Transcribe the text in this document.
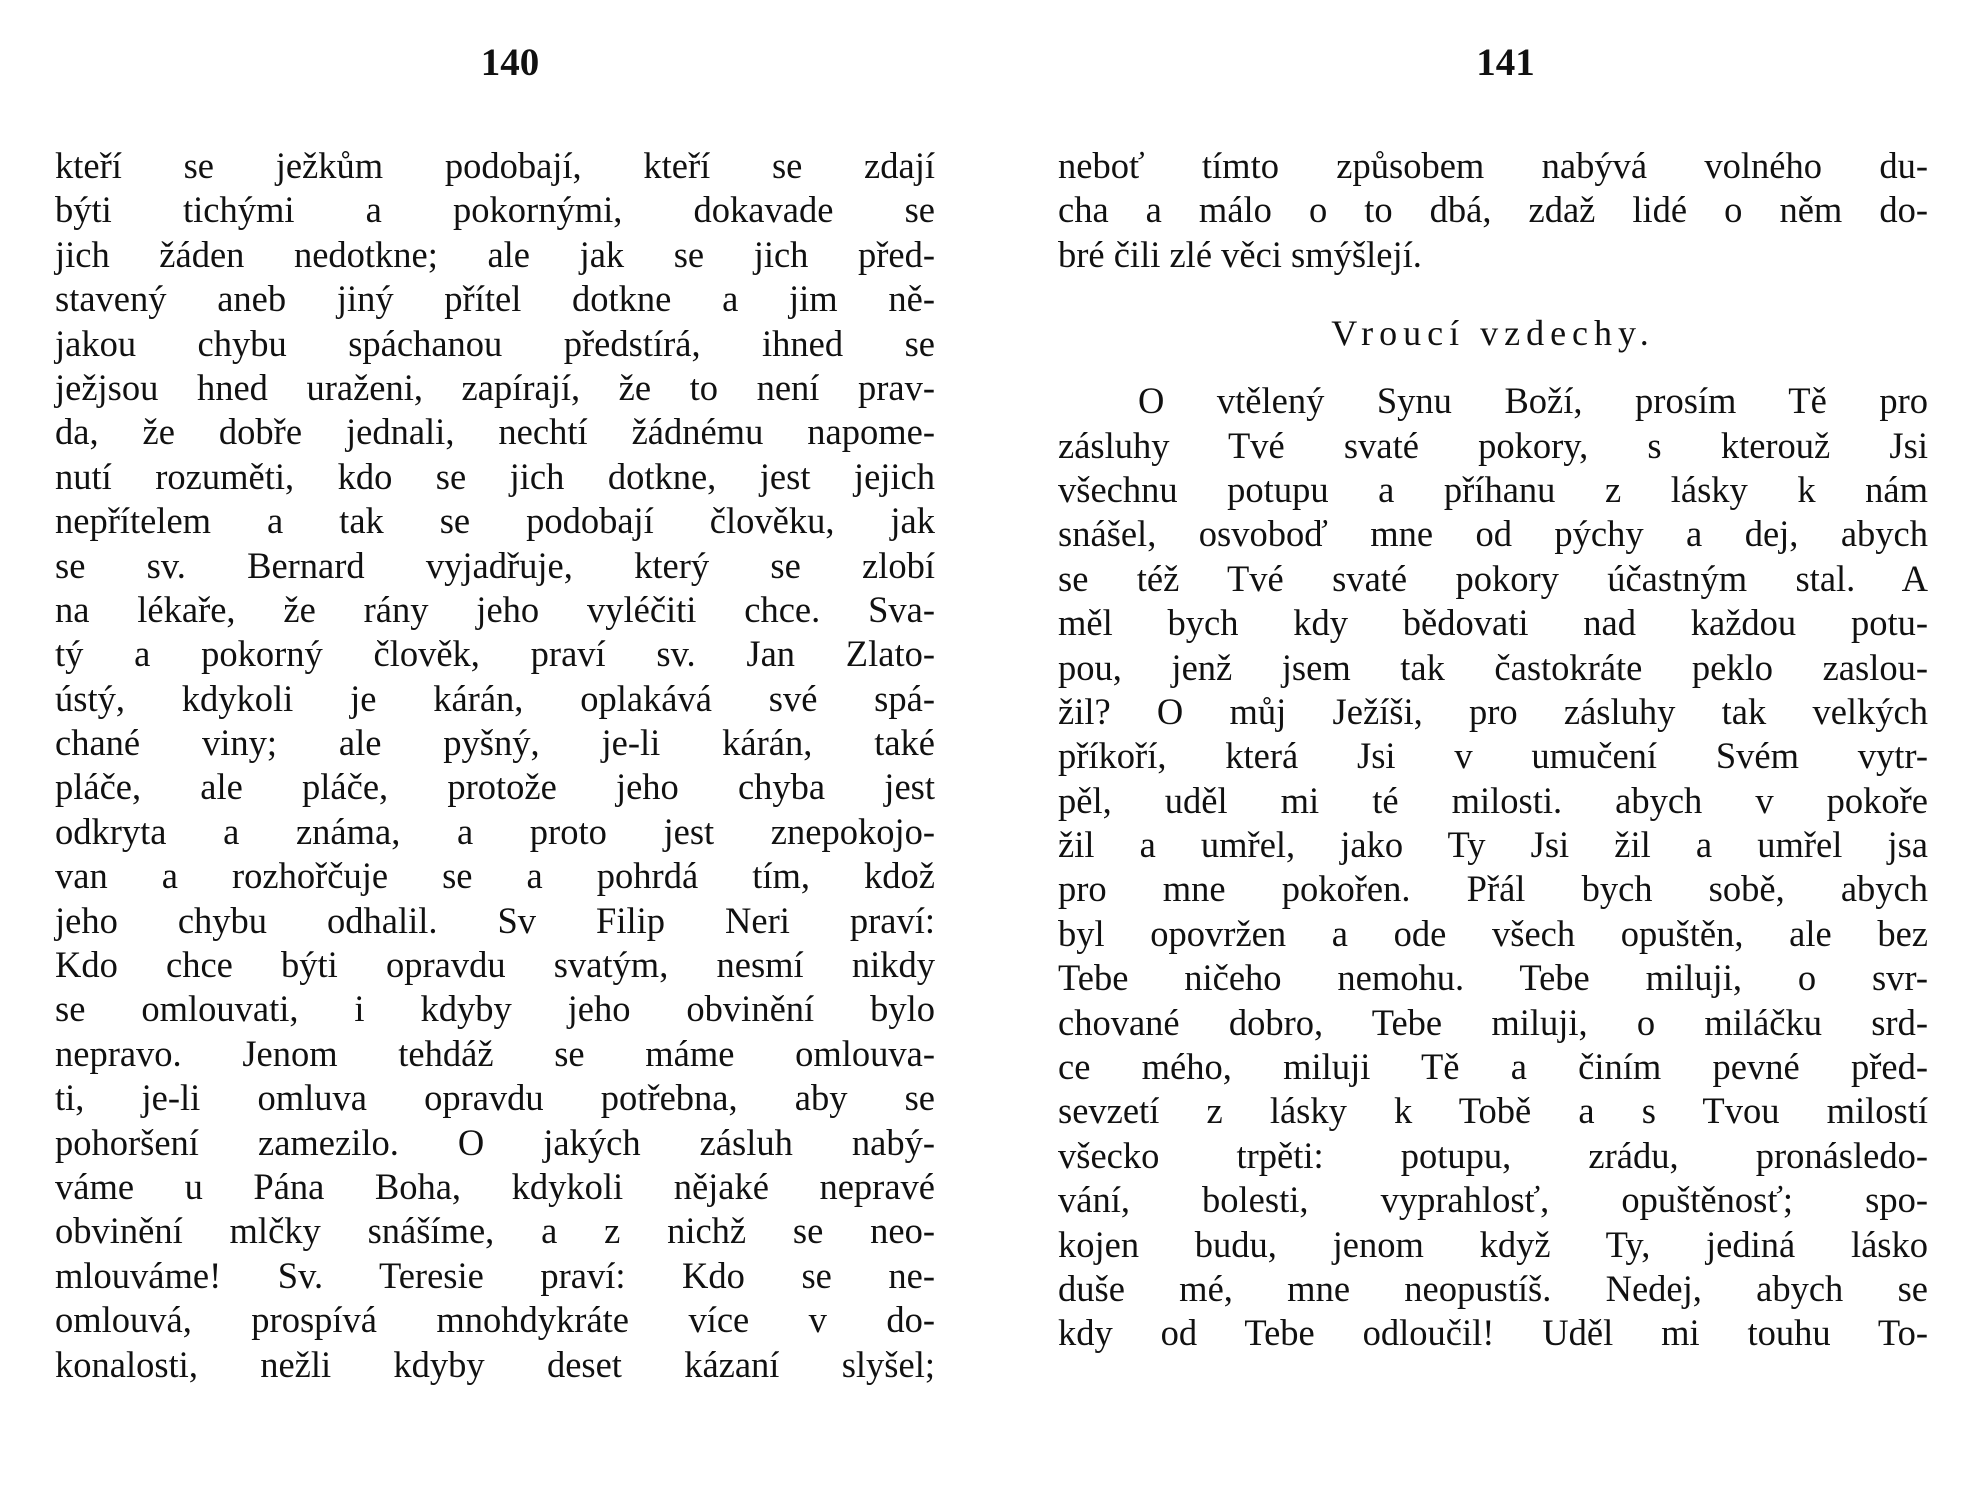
140
kteří se ježkům podobají, kteří se zdají
býti tichými a pokornými, dokavade se
jich žáden nedotkne; ale jak se jich před-
stavený aneb jiný přítel dotkne a jim ně-
jakou chybu spáchanou předstírá, ihned se
ježjsou hned uraženi, zapírají, že to není prav-
da, že dobře jednali, nechtí žádnému napome-
nutí rozuměti, kdo se jich dotkne, jest jejich
nepřítelem a tak se podobají člověku, jak
se sv. Bernard vyjadřuje, který se zlobí
na lékaře, že rány jeho vyléčiti chce. Sva-
tý a pokorný člověk, praví sv. Jan Zlato-
ústý, kdykoli je kárán, oplakává své spá-
chané viny; ale pyšný, je-li kárán, také
pláče, ale pláče, protože jeho chyba jest
odkryta a známa, a proto jest znepokojo-
van a rozhořčuje se a pohrdá tím, kdož
jeho chybu odhalil. Sv Filip Neri praví:
Kdo chce býti opravdu svatým, nesmí nikdy
se omlouvati, i kdyby jeho obvinění bylo
nepravo. Jenom tehdáž se máme omlouva-
ti, je-li omluva opravdu potřebna, aby se
pohoršení zamezilo. O jakých zásluh nabý-
váme u Pána Boha, kdykoli nějaké nepravé
obvinění mlčky snášíme, a z nichž se neo-
mlouváme! Sv. Teresie praví: Kdo se ne-
omlouvá, prospívá mnohdykráte více v do-
konalosti, nežli kdyby deset kázaní slyšel;
141
neboť tímto způsobem nabývá volného du-
cha a málo o to dbá, zdaž lidé o něm do-
bré čili zlé věci smýšlejí.
Vroucí vzdechy.
O vtělený Synu Boží, prosím Tě pro
zásluhy Tvé svaté pokory, s kterouž Jsi
všechnu potupu a příhanu z lásky k nám
snášel, osvoboď mne od pýchy a dej, abych
se též Tvé svaté pokory účastným stal. A
měl bych kdy bědovati nad každou potu-
pou, jenž jsem tak častokráte peklo zaslou-
žil? O můj Ježíši, pro zásluhy tak velkých
příkoří, která Jsi v umučení Svém vytr-
pěl, uděl mi té milosti. abych v pokoře
žil a umřel, jako Ty Jsi žil a umřel jsa
pro mne pokořen. Přál bych sobě, abych
byl opovržen a ode všech opuštěn, ale bez
Tebe ničeho nemohu. Tebe miluji, o svr-
chované dobro, Tebe miluji, o miláčku srd-
ce mého, miluji Tě a činím pevné před-
sevzetí z lásky k Tobě a s Tvou milostí
všecko trpěti: potupu, zrádu, pronásledo-
vání, bolesti, vyprahlosť, opuštěnosť; spo-
kojen budu, jenom když Ty, jediná lásko
duše mé, mne neopustíš. Nedej, abych se
kdy od Tebe odloučil! Uděl mi touhu To-
